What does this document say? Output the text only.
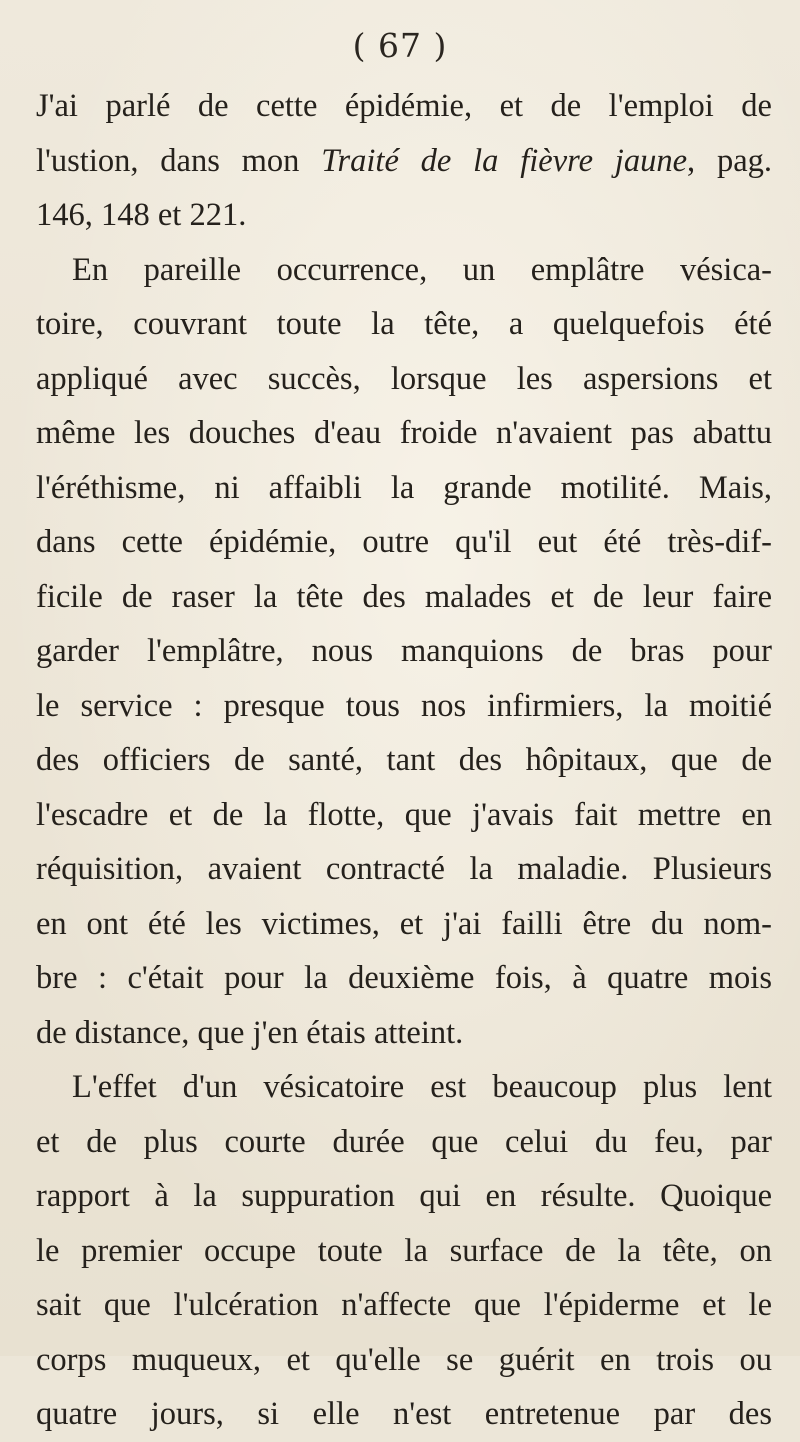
( 67 )
J'ai parlé de cette épidémie, et de l'emploi de
l'ustion, dans mon Traité de la fièvre jaune, pag.
146, 148 et 221.
En pareille occurrence, un emplâtre vésica-
toire, couvrant toute la tête, a quelquefois été
appliqué avec succès, lorsque les aspersions et
même les douches d'eau froide n'avaient pas abattu
l'éréthisme, ni affaibli la grande motilité. Mais,
dans cette épidémie, outre qu'il eut été très-dif-
ficile de raser la tête des malades et de leur faire
garder l'emplâtre, nous manquions de bras pour
le service : presque tous nos infirmiers, la moitié
des officiers de santé, tant des hôpitaux, que de
l'escadre et de la flotte, que j'avais fait mettre en
réquisition, avaient contracté la maladie. Plusieurs
en ont été les victimes, et j'ai failli être du nom-
bre : c'était pour la deuxième fois, à quatre mois
de distance, que j'en étais atteint.
L'effet d'un vésicatoire est beaucoup plus lent
et de plus courte durée que celui du feu, par
rapport à la suppuration qui en résulte. Quoique
le premier occupe toute la surface de la tête, on
sait que l'ulcération n'affecte que l'épiderme et le
corps muqueux, et qu'elle se guérit en trois ou
quatre jours, si elle n'est entretenue par des
